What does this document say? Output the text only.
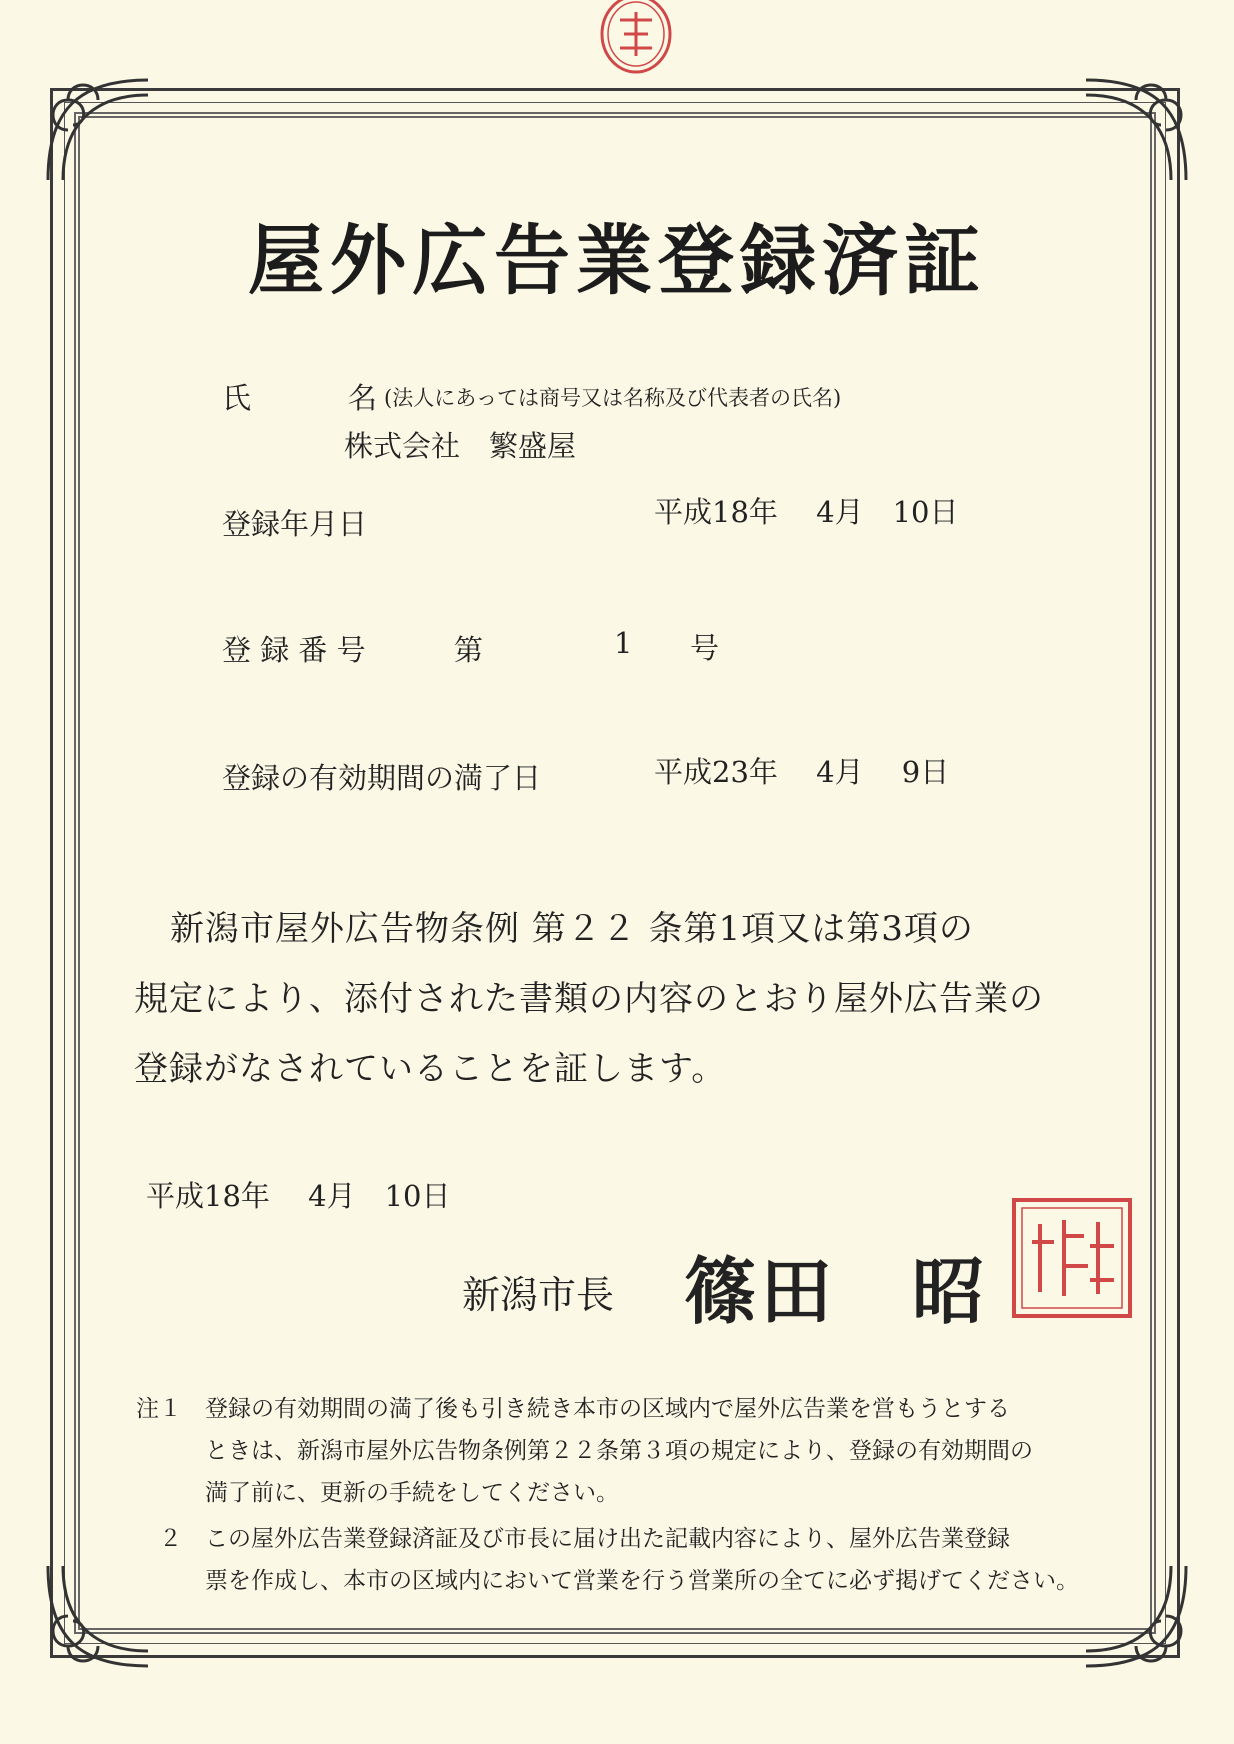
屋外広告業登録済証
氏	名 (法人にあっては商号又は名称及び代表者の氏名)
株式会社　繁盛屋
登録年月日	平成18年　 4月　10日
登 録 番 号	第	1 号
登録の有効期間の満了日	平成23年　 4月　 9日
新潟市屋外広告物条例 第２２ 条第1項又は第3項の
規定により、添付された書類の内容のとおり屋外広告業の
登録がなされていることを証します。
平成18年　 4月　10日
新潟市長 篠田　昭
注１　登録の有効期間の満了後も引き続き本市の区域内で屋外広告業を営もうとする
　　　ときは、新潟市屋外広告物条例第２２条第３項の規定により、登録の有効期間の
　　　満了前に、更新の手続をしてください。
　２　この屋外広告業登録済証及び市長に届け出た記載内容により、屋外広告業登録
　　　票を作成し、本市の区域内において営業を行う営業所の全てに必ず掲げてください。
